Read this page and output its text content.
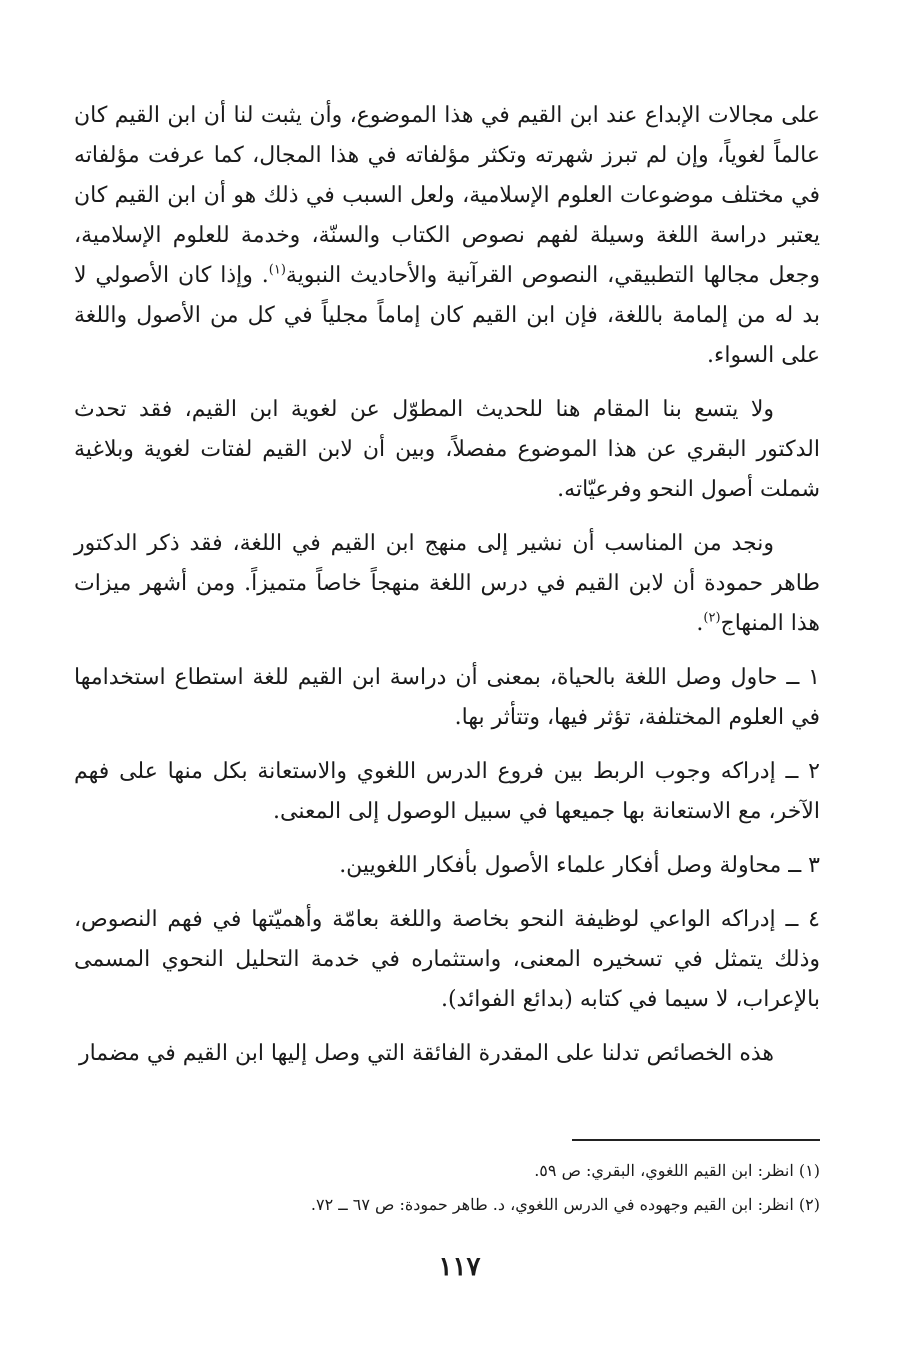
على مجالات الإبداع عند ابن القيم في هذا الموضوع، وأن يثبت لنا أن ابن القيم كان عالماً لغوياً، وإن لم تبرز شهرته وتكثر مؤلفاته في هذا المجال، كما عرفت مؤلفاته في مختلف موضوعات العلوم الإسلامية، ولعل السبب في ذلك هو أن ابن القيم كان يعتبر دراسة اللغة وسيلة لفهم نصوص الكتاب والسنّة، وخدمة للعلوم الإسلامية، وجعل مجالها التطبيقي، النصوص القرآنية والأحاديث النبوية$^{(١)}$. وإذا كان الأصولي لا بد له من إلمامة باللغة، فإن ابن القيم كان إماماً مجلياً في كل من الأصول واللغة على السواء.

ولا يتسع بنا المقام هنا للحديث المطوّل عن لغوية ابن القيم، فقد تحدث الدكتور البقري عن هذا الموضوع مفصلاً، وبين أن لابن القيم لفتات لغوية وبلاغية شملت أصول النحو وفرعيّاته.

ونجد من المناسب أن نشير إلى منهج ابن القيم في اللغة، فقد ذكر الدكتور طاهر حمودة أن لابن القيم في درس اللغة منهجاً خاصاً متميزاً. ومن أشهر ميزات هذا المنهاج$^{(٢)}$.

١ ــ حاول وصل اللغة بالحياة، بمعنى أن دراسة ابن القيم للغة استطاع استخدامها في العلوم المختلفة، تؤثر فيها، وتتأثر بها.

٢ ــ إدراكه وجوب الربط بين فروع الدرس اللغوي والاستعانة بكل منها على فهم الآخر، مع الاستعانة بها جميعها في سبيل الوصول إلى المعنى.

٣ ــ محاولة وصل أفكار علماء الأصول بأفكار اللغويين.

٤ ــ إدراكه الواعي لوظيفة النحو بخاصة واللغة بعامّة وأهميّتها في فهم النصوص، وذلك يتمثل في تسخيره المعنى، واستثماره في خدمة التحليل النحوي المسمى بالإعراب، لا سيما في كتابه (بدائع الفوائد).

هذه الخصائص تدلنا على المقدرة الفائقة التي وصل إليها ابن القيم في مضمار

(١) انظر: ابن القيم اللغوي، البقري: ص ٥٩.

(٢) انظر: ابن القيم وجهوده في الدرس اللغوي، د. طاهر حمودة: ص ٦٧ ــ ٧٢.

١١٧
